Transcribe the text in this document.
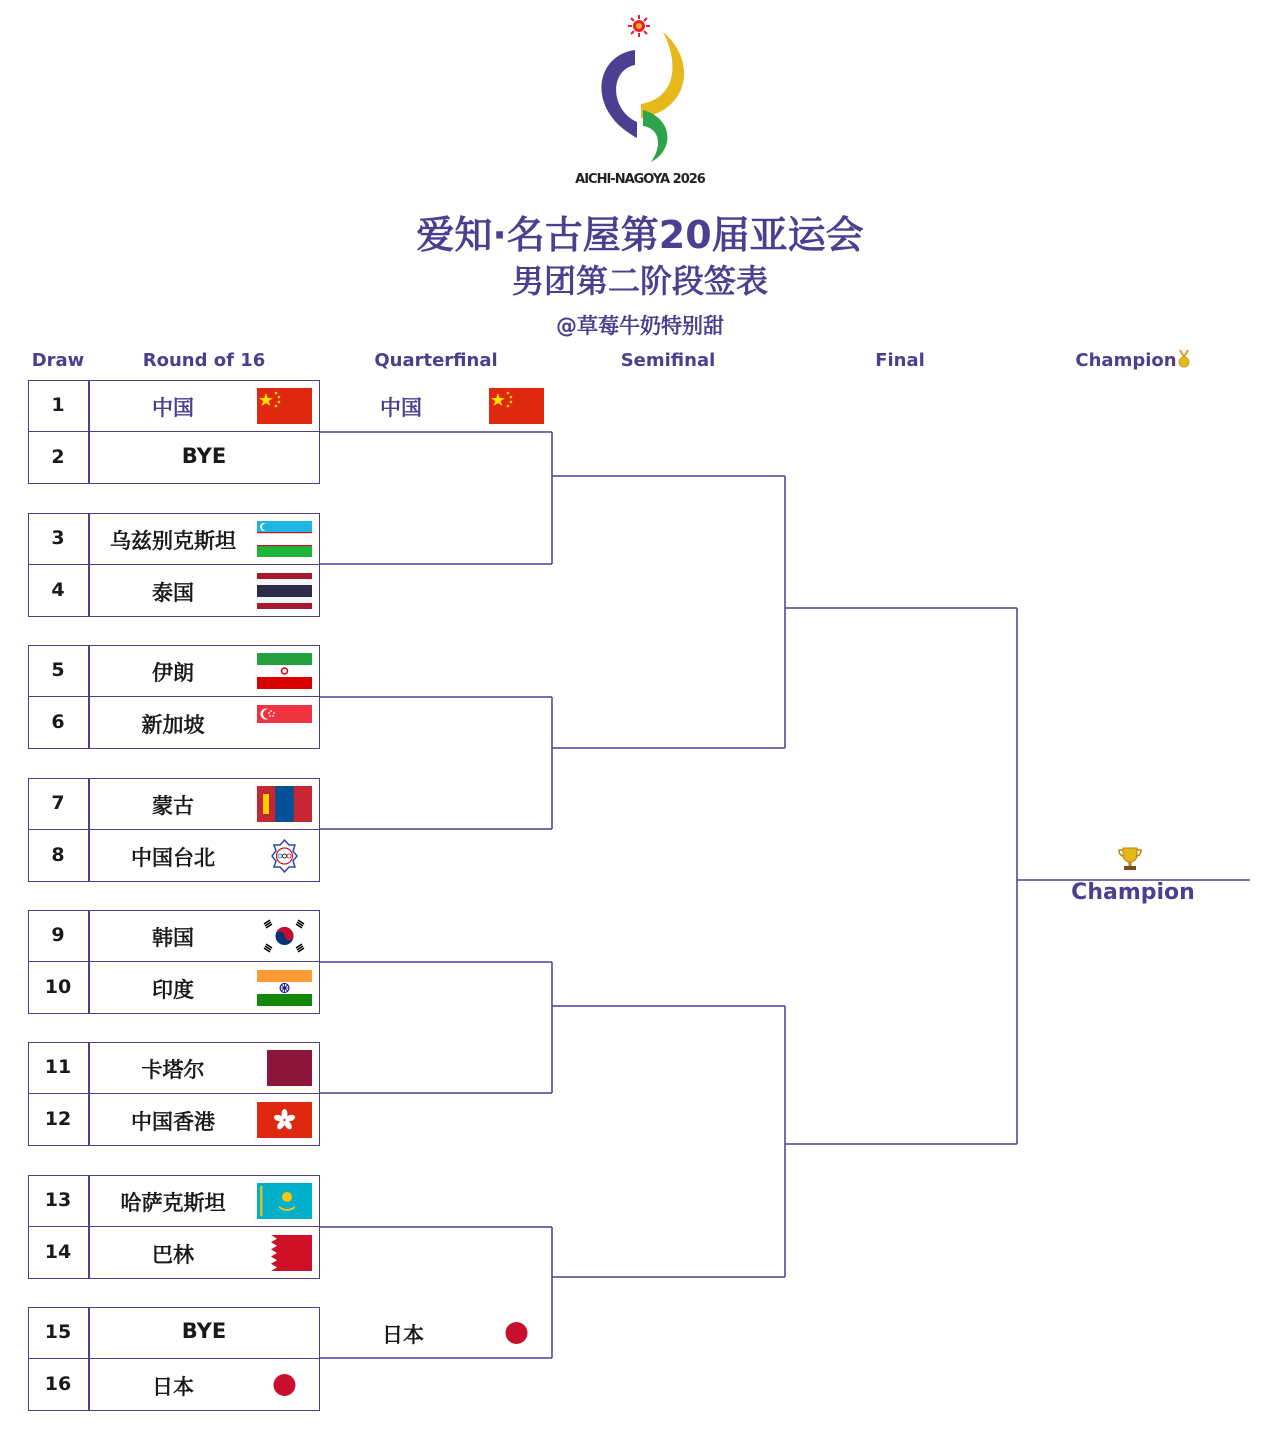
AICHI-NAGOYA 2026
爱知·名古屋第20届亚运会
男团第二阶段签表
@草莓牛奶特别甜
Draw	Round of 16	Quarterfinal	Semifinal	Final	Champion
1	中国
2	BYE
3	乌兹别克斯坦
4	泰国
5	伊朗
6	新加坡
7	蒙古
8	中国台北
9	韩国
10	印度
11	卡塔尔
12	中国香港
13	哈萨克斯坦
14	巴林
15	BYE
16	日本
中国
日本
Champion
